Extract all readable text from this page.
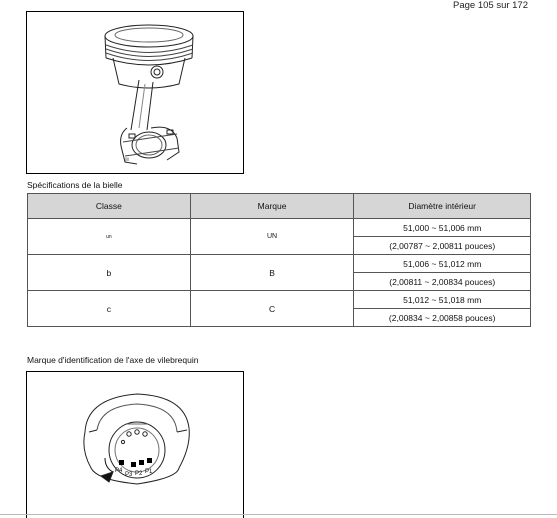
Page 105 sur 172
||||
Spécifications de la bielle
Classe	Marque	Diamètre intérieur
un	UN	51,000 ~ 51,006 mm
		(2,00787 ~ 2,00811 pouces)
b	B	51,006 ~ 51,012 mm
		(2,00811 ~ 2,00834 pouces)
c	C	51,012 ~ 51,018 mm
		(2,00834 ~ 2,00858 pouces)
Marque d'identification de l'axe de vilebrequin
P4
P3 P2 P1
